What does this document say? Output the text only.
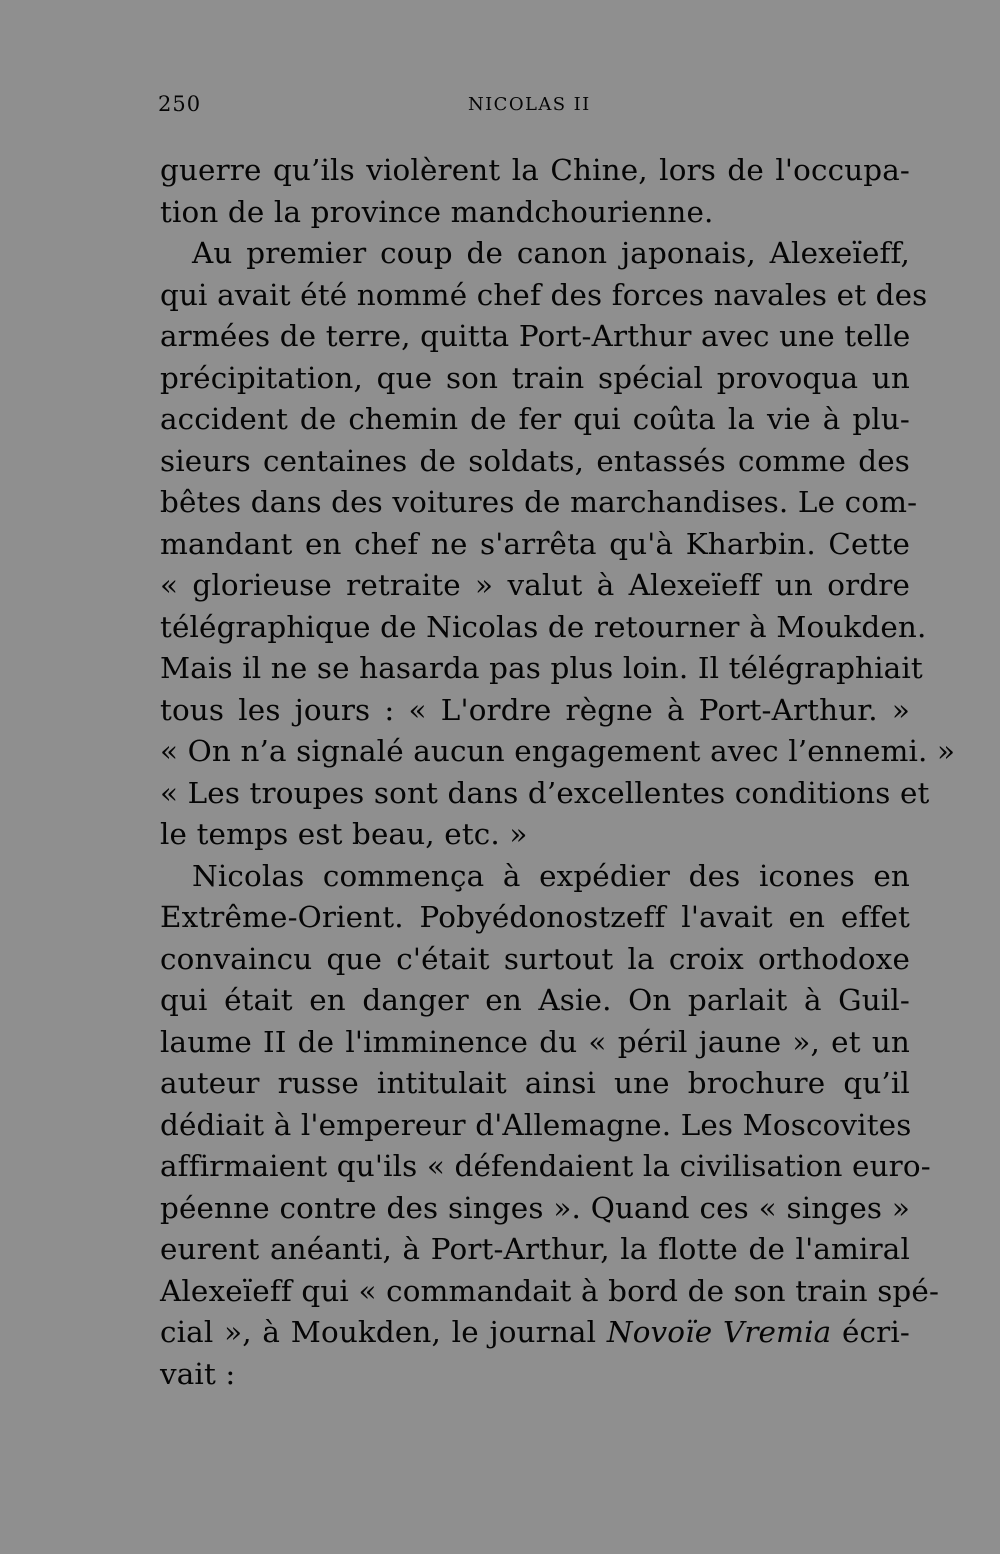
250	NICOLAS II
guerre qu’ils violèrent la Chine, lors de l'occupa-
tion de la province mandchourienne.
Au premier coup de canon japonais, Alexeïeff,
qui avait été nommé chef des forces navales et des
armées de terre, quitta Port-Arthur avec une telle
précipitation, que son train spécial provoqua un
accident de chemin de fer qui coûta la vie à plu-
sieurs centaines de soldats, entassés comme des
bêtes dans des voitures de marchandises. Le com-
mandant en chef ne s'arrêta qu'à Kharbin. Cette
« glorieuse retraite » valut à Alexeïeff un ordre
télégraphique de Nicolas de retourner à Moukden.
Mais il ne se hasarda pas plus loin. Il télégraphiait
tous les jours : « L'ordre règne à Port-Arthur. »
« On n’a signalé aucun engagement avec l’ennemi. »
« Les troupes sont dans d’excellentes conditions et
le temps est beau, etc. »
Nicolas commença à expédier des icones en
Extrême-Orient. Pobyédonostzeff l'avait en effet
convaincu que c'était surtout la croix orthodoxe
qui était en danger en Asie. On parlait à Guil-
laume II de l'imminence du « péril jaune », et un
auteur russe intitulait ainsi une brochure qu’il
dédiait à l'empereur d'Allemagne. Les Moscovites
affirmaient qu'ils « défendaient la civilisation euro-
péenne contre des singes ». Quand ces « singes »
eurent anéanti, à Port-Arthur, la flotte de l'amiral
Alexeïeff qui « commandait à bord de son train spé-
cial », à Moukden, le journal Novoïe Vremia écri-
vait :
